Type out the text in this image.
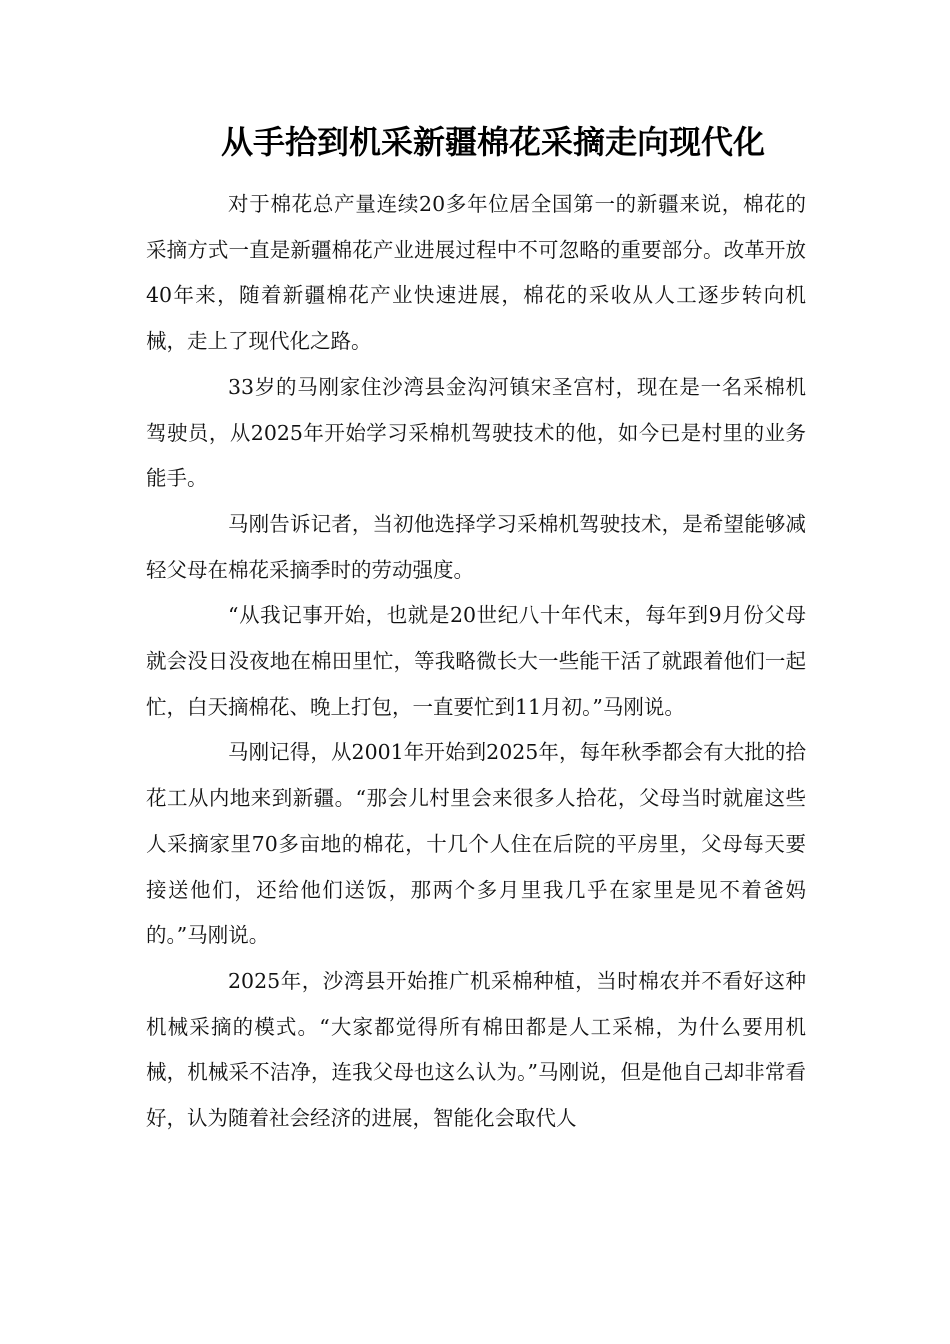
从手拾到机采新疆棉花采摘走向现代化

对于棉花总产量连续20多年位居全国第一的新疆来说，棉花的采摘方式一直是新疆棉花产业进展过程中不可忽略的重要部分。改革开放40年来，随着新疆棉花产业快速进展，棉花的采收从人工逐步转向机械，走上了现代化之路。

33岁的马刚家住沙湾县金沟河镇宋圣宫村，现在是一名采棉机驾驶员，从2025年开始学习采棉机驾驶技术的他，如今已是村里的业务能手。

马刚告诉记者，当初他选择学习采棉机驾驶技术，是希望能够减轻父母在棉花采摘季时的劳动强度。

“从我记事开始，也就是20世纪八十年代末，每年到9月份父母就会没日没夜地在棉田里忙，等我略微长大一些能干活了就跟着他们一起忙，白天摘棉花、晚上打包，一直要忙到11月初。”马刚说。

马刚记得，从2001年开始到2025年，每年秋季都会有大批的拾花工从内地来到新疆。“那会儿村里会来很多人拾花，父母当时就雇这些人采摘家里70多亩地的棉花，十几个人住在后院的平房里，父母每天要接送他们，还给他们送饭，那两个多月里我几乎在家里是见不着爸妈的。”马刚说。

2025年，沙湾县开始推广机采棉种植，当时棉农并不看好这种机械采摘的模式。“大家都觉得所有棉田都是人工采棉，为什么要用机械，机械采不洁净，连我父母也这么认为。”马刚说，但是他自己却非常看好，认为随着社会经济的进展，智能化会取代人
